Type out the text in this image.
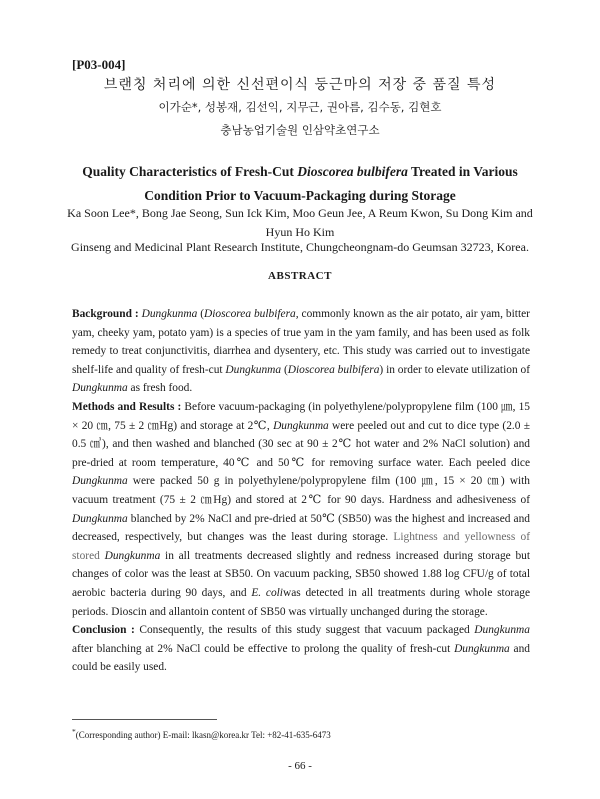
[P03-004]
브랜칭 처리에 의한 신선편이식 둥근마의 저장 중 품질 특성
이가순*, 성봉재, 김선익, 지무근, 권아름, 김수동, 김현호
충남농업기술원 인삼약초연구소
Quality Characteristics of Fresh-Cut Dioscorea bulbifera Treated in Various Condition Prior to Vacuum-Packaging during Storage
Ka Soon Lee*, Bong Jae Seong, Sun Ick Kim, Moo Geun Jee, A Reum Kwon, Su Dong Kim and Hyun Ho Kim
Ginseng and Medicinal Plant Research Institute, Chungcheongnam-do Geumsan 32723, Korea.
ABSTRACT

Background : Dungkunma (Dioscorea bulbifera, commonly known as the air potato, air yam, bitter yam, cheeky yam, potato yam) is a species of true yam in the yam family, and has been used as folk remedy to treat conjunctivitis, diarrhea and dysentery, etc. This study was carried out to investigate shelf-life and quality of fresh-cut Dungkunma (Dioscorea bulbifera) in order to elevate utilization of Dungkunma as fresh food.

Methods and Results : Before vacuum-packaging (in polyethylene/polypropylene film (100 ㎛, 15 × 20 ㎝, 75 ± 2 ㎝Hg) and storage at 2℃, Dungkunma were peeled out and cut to dice type (2.0 ± 0.5 ㎤), and then washed and blanched (30 sec at 90 ± 2℃ hot water and 2% NaCl solution) and pre-dried at room temperature, 40℃ and 50℃ for removing surface water. Each peeled dice Dungkunma were packed 50 g in polyethylene/polypropylene film (100 ㎛, 15 × 20 ㎝) with vacuum treatment (75 ± 2 ㎝Hg) and stored at 2℃ for 90 days. Hardness and adhesiveness of Dungkunma blanched by 2% NaCl and pre-dried at 50℃ (SB50) was the highest and increased and decreased, respectively, but changes was the least during storage. Lightness and yellowness of stored Dungkunma in all treatments decreased slightly and redness increased during storage but changes of color was the least at SB50. On vacuum packing, SB50 showed 1.88 log CFU/g of total aerobic bacteria during 90 days, and E. coliwas detected in all treatments during whole storage periods. Dioscin and allantoin content of SB50 was virtually unchanged during the storage.

Conclusion : Consequently, the results of this study suggest that vacuum packaged Dungkunma after blanching at 2% NaCl could be effective to prolong the quality of fresh-cut Dungkunma and could be easily used.

*(Corresponding author) E-mail: lkasn@korea.kr Tel: +82-41-635-6473
- 66 -
